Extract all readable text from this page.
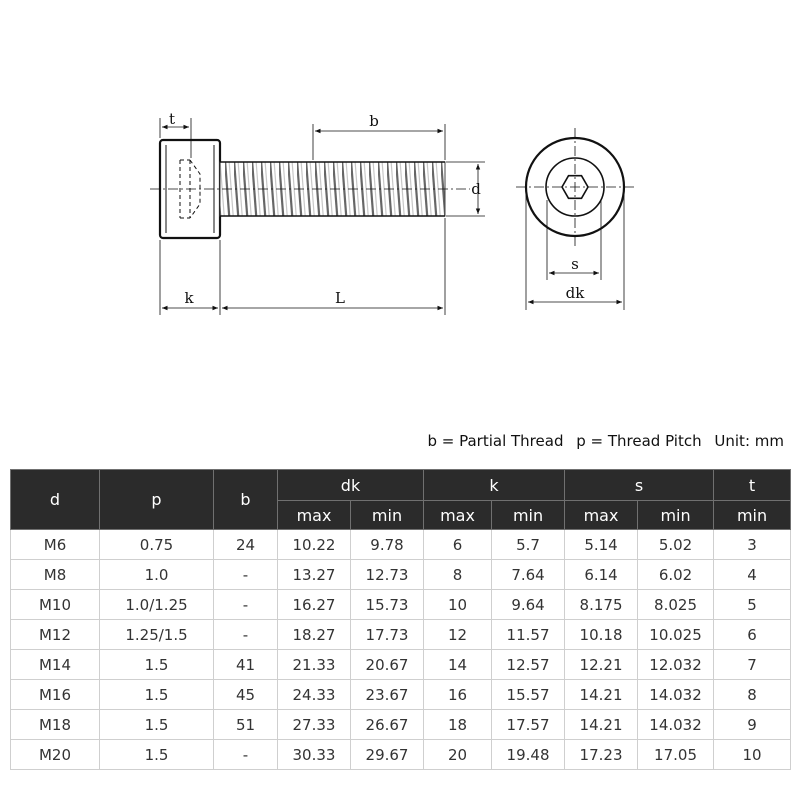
t	b
d
k	L
s
dk
b = Partial Thread p = Thread Pitch Unit: mm
d	p	b	dk		k		s		t
			max	min	max	min	max	min	min
M6	0.75	24	10.22	9.78	6	5.7	5.14	5.02	3
M8	1.0	-	13.27	12.73	8	7.64	6.14	6.02	4
M10	1.0/1.25	-	16.27	15.73	10	9.64	8.175	8.025	5
M12	1.25/1.5	-	18.27	17.73	12	11.57	10.18	10.025	6
M14	1.5	41	21.33	20.67	14	12.57	12.21	12.032	7
M16	1.5	45	24.33	23.67	16	15.57	14.21	14.032	8
M18	1.5	51	27.33	26.67	18	17.57	14.21	14.032	9
M20	1.5	-	30.33	29.67	20	19.48	17.23	17.05	10
